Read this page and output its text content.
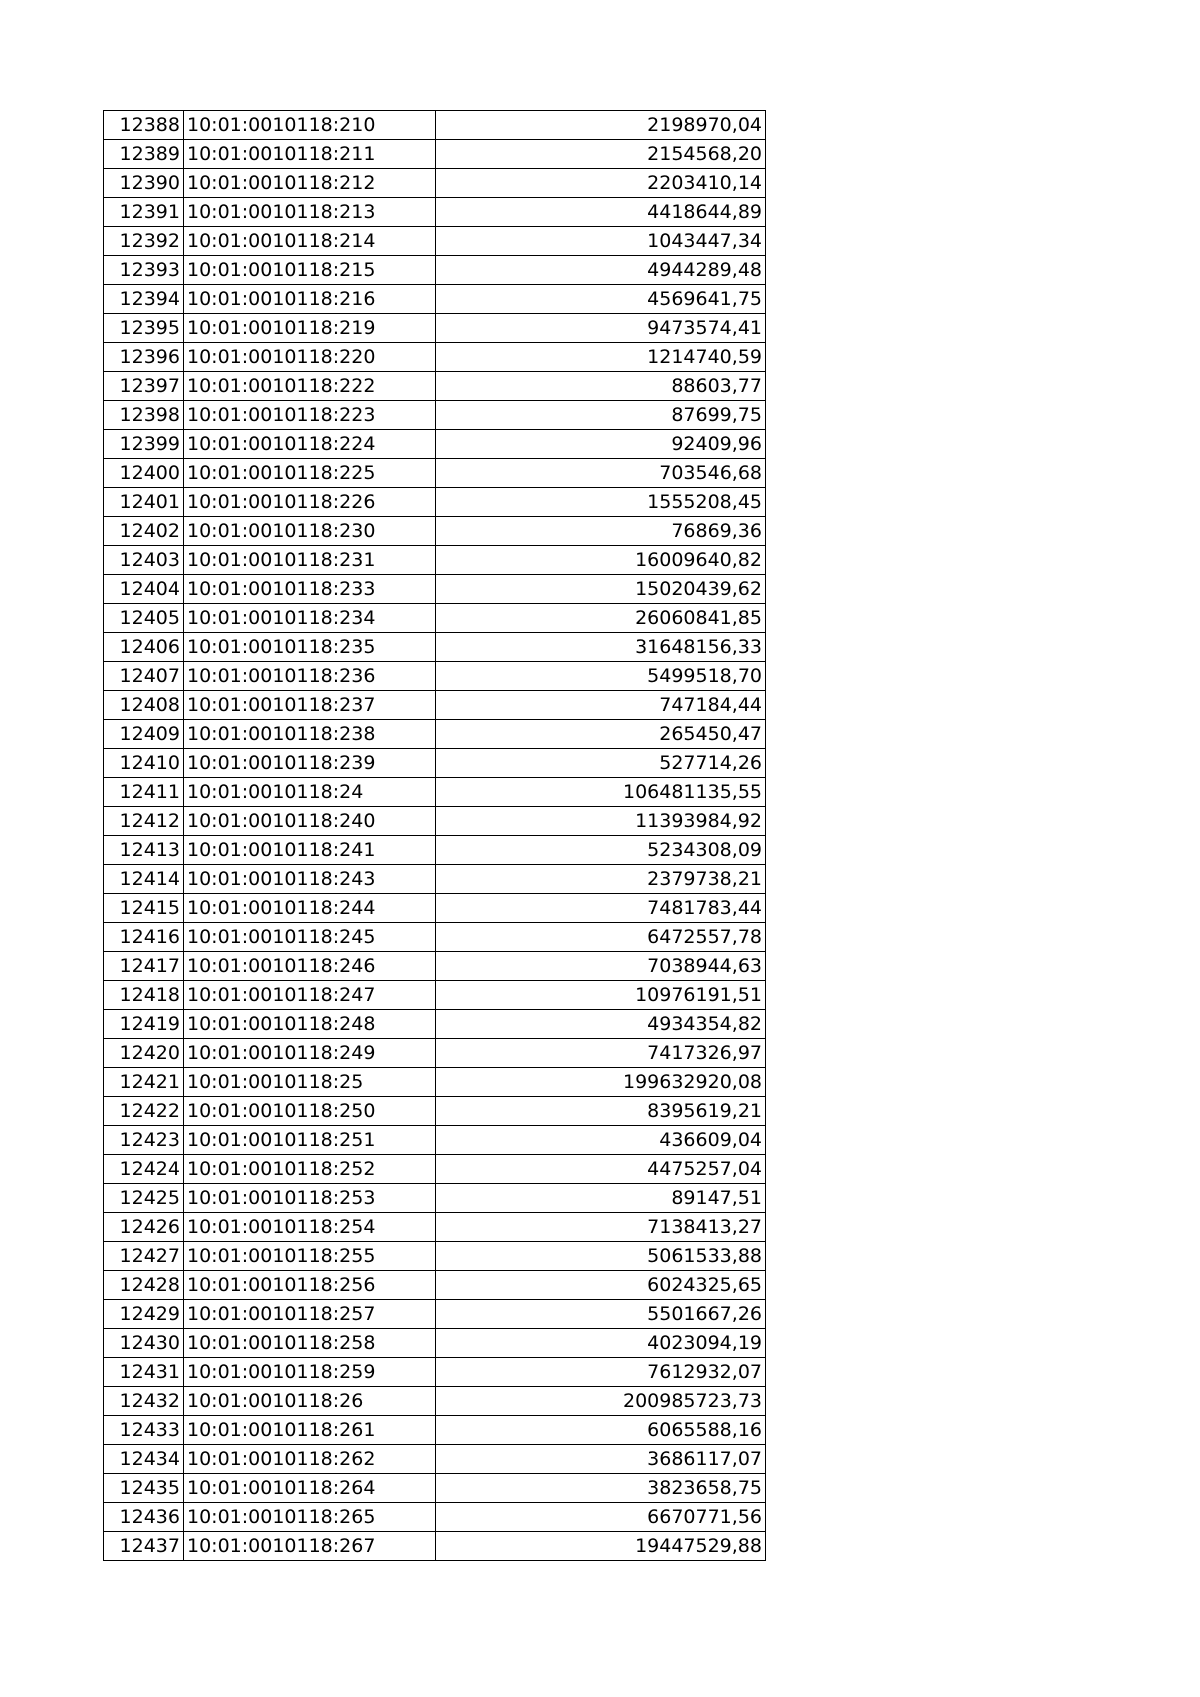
12388	10:01:0010118:210	2198970,04
12389	10:01:0010118:211	2154568,20
12390	10:01:0010118:212	2203410,14
12391	10:01:0010118:213	4418644,89
12392	10:01:0010118:214	1043447,34
12393	10:01:0010118:215	4944289,48
12394	10:01:0010118:216	4569641,75
12395	10:01:0010118:219	9473574,41
12396	10:01:0010118:220	1214740,59
12397	10:01:0010118:222	88603,77
12398	10:01:0010118:223	87699,75
12399	10:01:0010118:224	92409,96
12400	10:01:0010118:225	703546,68
12401	10:01:0010118:226	1555208,45
12402	10:01:0010118:230	76869,36
12403	10:01:0010118:231	16009640,82
12404	10:01:0010118:233	15020439,62
12405	10:01:0010118:234	26060841,85
12406	10:01:0010118:235	31648156,33
12407	10:01:0010118:236	5499518,70
12408	10:01:0010118:237	747184,44
12409	10:01:0010118:238	265450,47
12410	10:01:0010118:239	527714,26
12411	10:01:0010118:24	106481135,55
12412	10:01:0010118:240	11393984,92
12413	10:01:0010118:241	5234308,09
12414	10:01:0010118:243	2379738,21
12415	10:01:0010118:244	7481783,44
12416	10:01:0010118:245	6472557,78
12417	10:01:0010118:246	7038944,63
12418	10:01:0010118:247	10976191,51
12419	10:01:0010118:248	4934354,82
12420	10:01:0010118:249	7417326,97
12421	10:01:0010118:25	199632920,08
12422	10:01:0010118:250	8395619,21
12423	10:01:0010118:251	436609,04
12424	10:01:0010118:252	4475257,04
12425	10:01:0010118:253	89147,51
12426	10:01:0010118:254	7138413,27
12427	10:01:0010118:255	5061533,88
12428	10:01:0010118:256	6024325,65
12429	10:01:0010118:257	5501667,26
12430	10:01:0010118:258	4023094,19
12431	10:01:0010118:259	7612932,07
12432	10:01:0010118:26	200985723,73
12433	10:01:0010118:261	6065588,16
12434	10:01:0010118:262	3686117,07
12435	10:01:0010118:264	3823658,75
12436	10:01:0010118:265	6670771,56
12437	10:01:0010118:267	19447529,88
